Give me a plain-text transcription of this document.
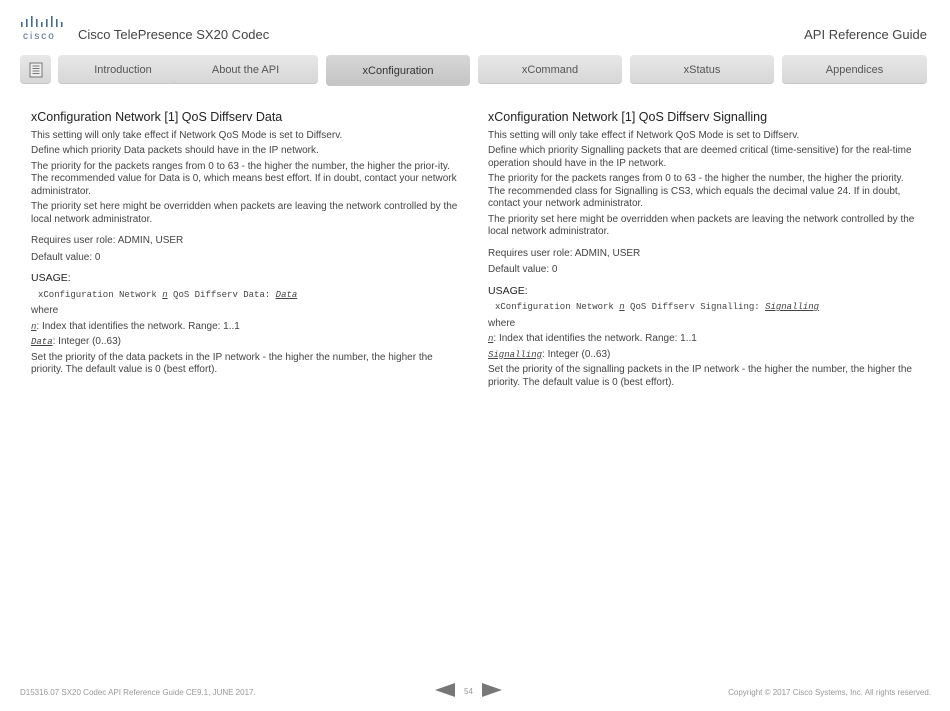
cisco Cisco TelePresence SX20 Codec	API Reference Guide
Introduction	About the API	xConfiguration	xCommand	xStatus	Appendices
xConfiguration Network [1] QoS Diffserv Data

This setting will only take effect if Network QoS Mode is set to Diffserv.

Define which priority Data packets should have in the IP network.

The priority for the packets ranges from 0 to 63 - the higher the number, the higher the prior-ity. The recommended value for Data is 0, which means best effort. If in doubt, contact your network administrator.

The priority set here might be overridden when packets are leaving the network controlled by the local network administrator.

Requires user role: ADMIN, USER

Default value: 0

USAGE:
xConfiguration Network n QoS Diffserv Data: Data

where

n: Index that identifies the network. Range: 1..1

Data: Integer (0..63)

Set the priority of the data packets in the IP network - the higher the number, the higher the priority. The default value is 0 (best effort).

xConfiguration Network [1] QoS Diffserv Signalling

This setting will only take effect if Network QoS Mode is set to Diffserv.

Define which priority Signalling packets that are deemed critical (time-sensitive) for the real-time operation should have in the IP network.

The priority for the packets ranges from 0 to 63 - the higher the number, the higher the priority. The recommended class for Signalling is CS3, which equals the decimal value 24. If in doubt, contact your network administrator.

The priority set here might be overridden when packets are leaving the network controlled by the local network administrator.

Requires user role: ADMIN, USER

Default value: 0

USAGE:
xConfiguration Network n QoS Diffserv Signalling: Signalling

where

n: Index that identifies the network. Range: 1..1

Signalling: Integer (0..63)

Set the priority of the signalling packets in the IP network - the higher the number, the higher the priority. The default value is 0 (best effort).

D15316.07 SX20 Codec API Reference Guide CE9.1, JUNE 2017.	54	Copyright © 2017 Cisco Systems, Inc. All rights reserved.
